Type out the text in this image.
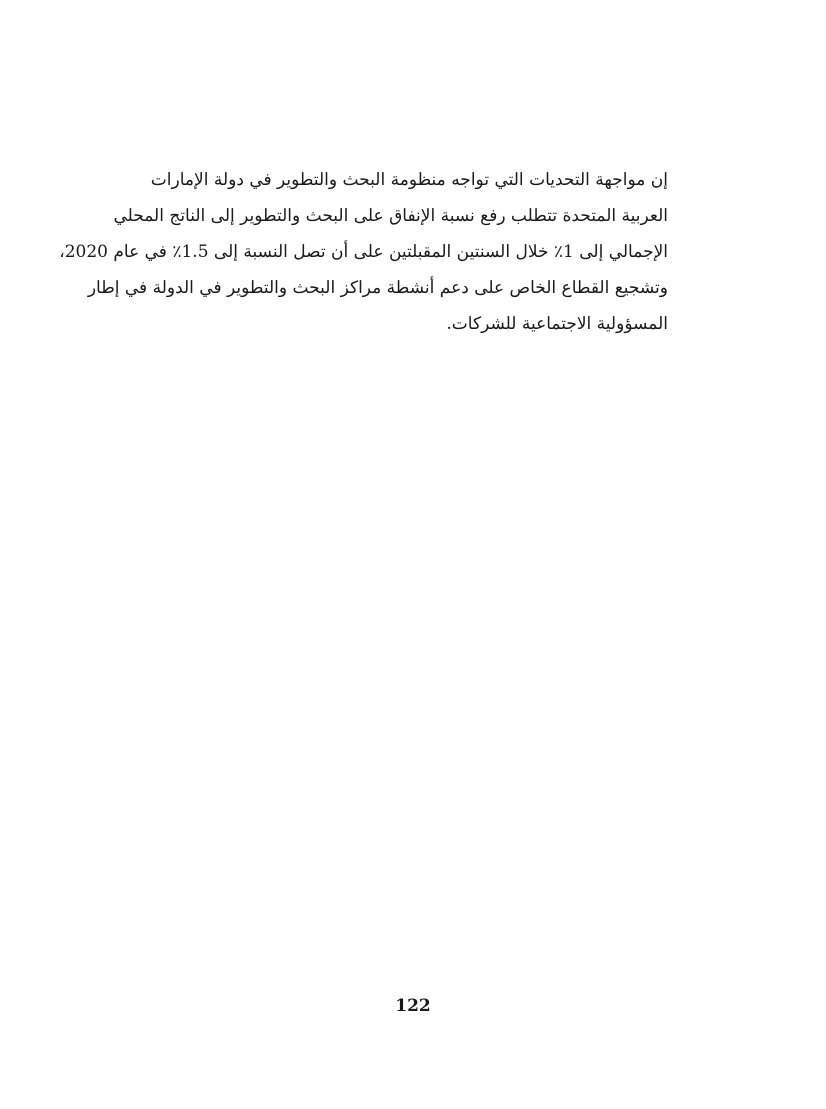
إن مواجهة التحديات التي تواجه منظومة البحث والتطوير في دولة الإمارات
العربية المتحدة تتطلب رفع نسبة الإنفاق على البحث والتطوير إلى الناتج المحلي
الإجمالي إلى 1٪ خلال السنتين المقبلتين على أن تصل النسبة إلى 1.5٪ في عام 2020،
وتشجيع القطاع الخاص على دعم أنشطة مراكز البحث والتطوير في الدولة في إطار
المسؤولية الاجتماعية للشركات.
122
